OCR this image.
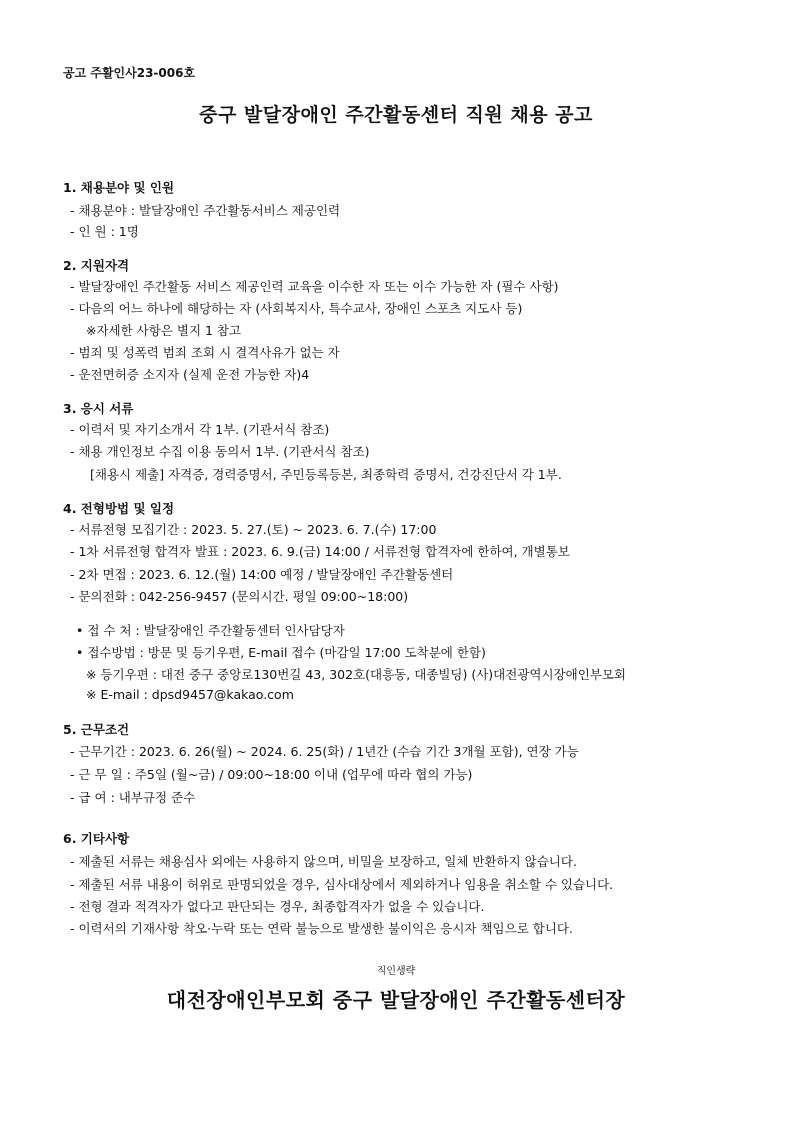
공고 주활인사23-006호
중구 발달장애인 주간활동센터 직원 채용 공고
1. 채용분야 및 인원
- 채용분야 : 발달장애인 주간활동서비스 제공인력
- 인 원 : 1명
2. 지원자격
- 발달장애인 주간활동 서비스 제공인력 교육을 이수한 자 또는 이수 가능한 자 (필수 사항)
- 다음의 어느 하나에 해당하는 자 (사회복지사, 특수교사, 장애인 스포츠 지도사 등)
※자세한 사항은 별지 1 참고
- 범죄 및 성폭력 범죄 조회 시 결격사유가 없는 자
- 운전면허증 소지자 (실제 운전 가능한 자)4
3. 응시 서류
- 이력서 및 자기소개서 각 1부. (기관서식 참조)
- 채용 개인정보 수집 이용 동의서 1부. (기관서식 참조)
[채용시 제출] 자격증, 경력증명서, 주민등록등본, 최종학력 증명서, 건강진단서 각 1부.
4. 전형방법 및 일정
- 서류전형 모집기간 : 2023. 5. 27.(토) ~ 2023. 6. 7.(수) 17:00
- 1차 서류전형 합격자 발표 : 2023. 6. 9.(금) 14:00 / 서류전형 합격자에 한하여, 개별통보
- 2차 면접 : 2023. 6. 12.(월) 14:00 예정 / 발달장애인 주간활동센터
- 문의전화 : 042-256-9457 (문의시간. 평일 09:00~18:00)
• 접 수 처 : 발달장애인 주간활동센터 인사담당자
• 접수방법 : 방문 및 등기우편, E-mail 접수 (마감일 17:00 도착분에 한함)
※ 등기우편 : 대전 중구 중앙로130번길 43, 302호(대흥동, 대종빌딩) (사)대전광역시장애인부모회
※ E-mail : dpsd9457@kakao.com
5. 근무조건
- 근무기간 : 2023. 6. 26(월) ~ 2024. 6. 25(화) / 1년간 (수습 기간 3개월 포함), 연장 가능
- 근 무 일 : 주5일 (월~금) / 09:00~18:00 이내 (업무에 따라 협의 가능)
- 급 여 : 내부규정 준수
6. 기타사항
- 제출된 서류는 채용심사 외에는 사용하지 않으며, 비밀을 보장하고, 일체 반환하지 않습니다.
- 제출된 서류 내용이 허위로 판명되었을 경우, 심사대상에서 제외하거나 임용을 취소할 수 있습니다.
- 전형 결과 적격자가 없다고 판단되는 경우, 최종합격자가 없을 수 있습니다.
- 이력서의 기재사항 착오·누락 또는 연락 불능으로 발생한 불이익은 응시자 책임으로 합니다.
직인생략
대전장애인부모회 중구 발달장애인 주간활동센터장
